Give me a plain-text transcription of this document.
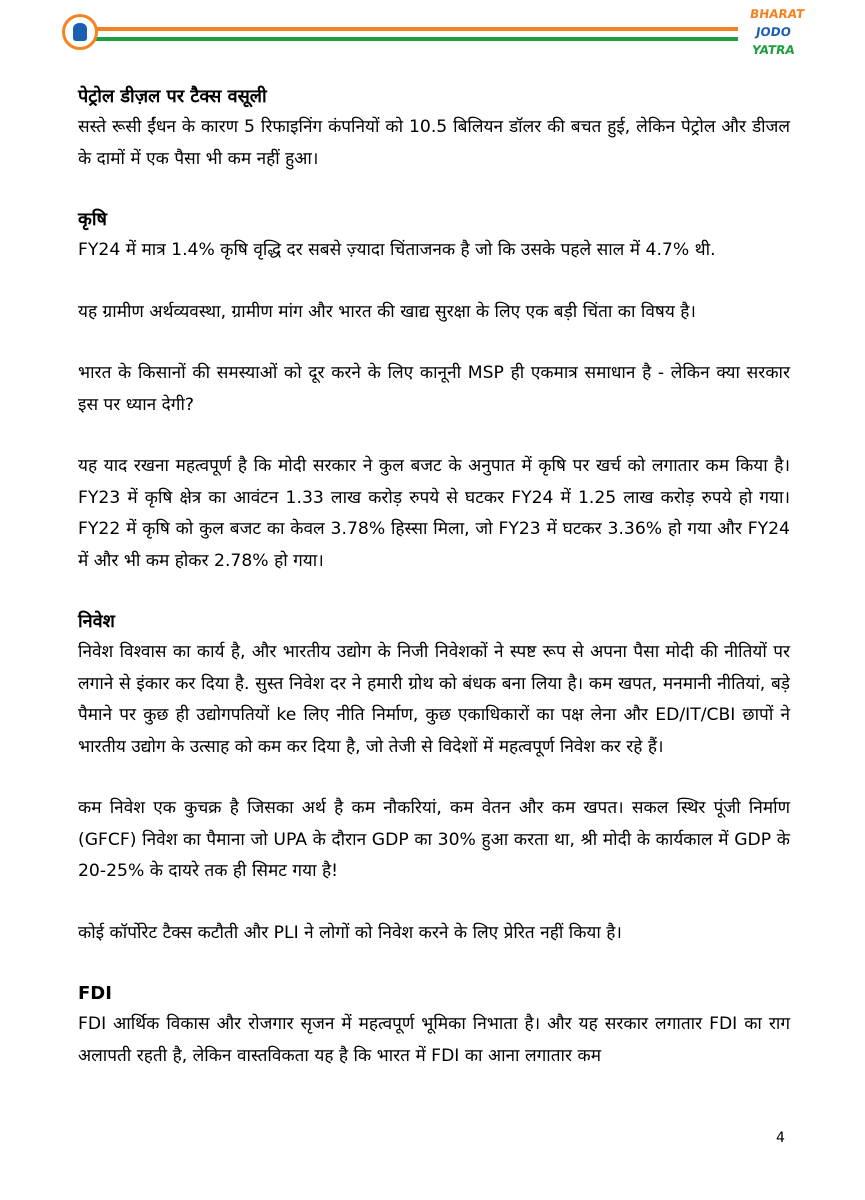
BHARAT
JODO
YATRA

पेट्रोल डीज़ल पर टैक्स वसूली

सस्ते रूसी ईंधन के कारण 5 रिफाइनिंग कंपनियों को 10.5 बिलियन डॉलर की बचत हुई, लेकिन पेट्रोल और डीजल के दामों में एक पैसा भी कम नहीं हुआ।

कृषि

FY24 में मात्र 1.4% कृषि वृद्धि दर सबसे ज़्यादा चिंताजनक है जो कि उसके पहले साल में 4.7% थी.

यह ग्रामीण अर्थव्यवस्था, ग्रामीण मांग और भारत की खाद्य सुरक्षा के लिए एक बड़ी चिंता का विषय है।

भारत के किसानों की समस्याओं को दूर करने के लिए कानूनी MSP ही एकमात्र समाधान है - लेकिन क्या सरकार इस पर ध्यान देगी?

यह याद रखना महत्वपूर्ण है कि मोदी सरकार ने कुल बजट के अनुपात में कृषि पर खर्च को लगातार कम किया है। FY23 में कृषि क्षेत्र का आवंटन 1.33 लाख करोड़ रुपये से घटकर FY24 में 1.25 लाख करोड़ रुपये हो गया। FY22 में कृषि को कुल बजट का केवल 3.78% हिस्सा मिला, जो FY23 में घटकर 3.36% हो गया और FY24 में और भी कम होकर 2.78% हो गया।

निवेश

निवेश विश्वास का कार्य है, और भारतीय उद्योग के निजी निवेशकों ने स्पष्ट रूप से अपना पैसा मोदी की नीतियों पर लगाने से इंकार कर दिया है. सुस्त निवेश दर ने हमारी ग्रोथ को बंधक बना लिया है। कम खपत, मनमानी नीतियां, बड़े पैमाने पर कुछ ही उद्योगपतियों ke लिए नीति निर्माण, कुछ एकाधिकारों का पक्ष लेना और ED/IT/CBI छापों ने भारतीय उद्योग के उत्साह को कम कर दिया है, जो तेजी से विदेशों में महत्वपूर्ण निवेश कर रहे हैं।

कम निवेश एक कुचक्र है जिसका अर्थ है कम नौकरियां, कम वेतन और कम खपत। सकल स्थिर पूंजी निर्माण (GFCF) निवेश का पैमाना जो UPA के दौरान GDP का 30% हुआ करता था, श्री मोदी के कार्यकाल में GDP के 20-25% के दायरे तक ही सिमट गया है!

कोई कॉर्पोरेट टैक्स कटौती और PLI ने लोगों को निवेश करने के लिए प्रेरित नहीं किया है।

FDI

FDI आर्थिक विकास और रोजगार सृजन में महत्वपूर्ण भूमिका निभाता है। और यह सरकार लगातार FDI का राग अलापती रहती है, लेकिन वास्तविकता यह है कि भारत में FDI का आना लगातार कम

4
